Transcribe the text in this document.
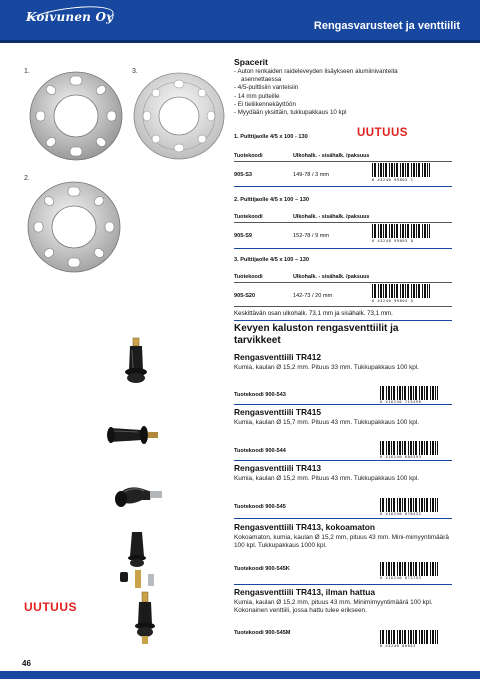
Koivunen Oy
Rengasvarusteet ja venttiilit
1.	3.
2.
Spacerit
- Auton renkaiden raideleveyden lisäykseen alumiinivanteita
asennettaessa
- 4/5-pulttisiin vanteisiin
- 14 mm pulteille
- Ei tieliikennekäyttöön
- Myydään yksittäin, tukkupakkaus 10 kpl
1. Pulttijaolle 4/5 x 100 - 130	UUTUUS
Tuotekoodi	Ulkohalk. - sisähalk. /paksuus
905-S3	149-78 / 3 mm
6 43240 99802 1
2. Pulttijaolle 4/5 x 100 – 130
Tuotekoodi	Ulkohalk. - sisähalk. /paksuus
905-S9	152-78 / 9 mm
6 43240 99803 8
3. Pulttijaolle 4/5 x 100 – 130
Tuotekoodi	Ulkohalk. - sisähalk. /paksuus
905-S20	142-73 / 20 mm
6 43240 99804 5
Keskittävän osan ulkohalk. 73,1 mm ja sisähalk. 73,1 mm.
Kevyen kaluston rengasventtiilit ja
tarvikkeet
Rengasventtiili TR412
Kumia, kaulan Ø 15,2 mm. Pituus 33 mm. Tukkupakkaus 100 kpl.
Tuotekoodi 900-543
6 416240 715490
Rengasventtiili TR415
Kumia, kaulan Ø 15,7 mm. Pituus 43 mm. Tukkupakkaus 100 kpl.
Tuotekoodi 900-544
6 416240 680393
Rengasventtiili TR413
Kumia, kaulan Ø 15,2 mm. Pituus 43 mm. Tukkupakkaus 100 kpl.
Tuotekoodi 900-545
6 416240 078432
Rengasventtiili TR413, kokoamaton
Kokoamaton, kumia, kaulan Ø 15,2 mm, pituus 43 mm. Mini-mimyyntimäärä 100 kpl. Tukkupakkaus 1000 kpl.
Tuotekoodi 900-545K
6 416240 673753
UUTUUS
Rengasventtiili TR413, ilman hattua
Kumia, kaulan Ø 15,2 mm, pituus 43 mm. Minimimyyntimäärä 100 kpl. Kokonainen venttiili, jossa hattu tulee erikseen.
Tuotekoodi 900-545M
6 43240 00843
46
